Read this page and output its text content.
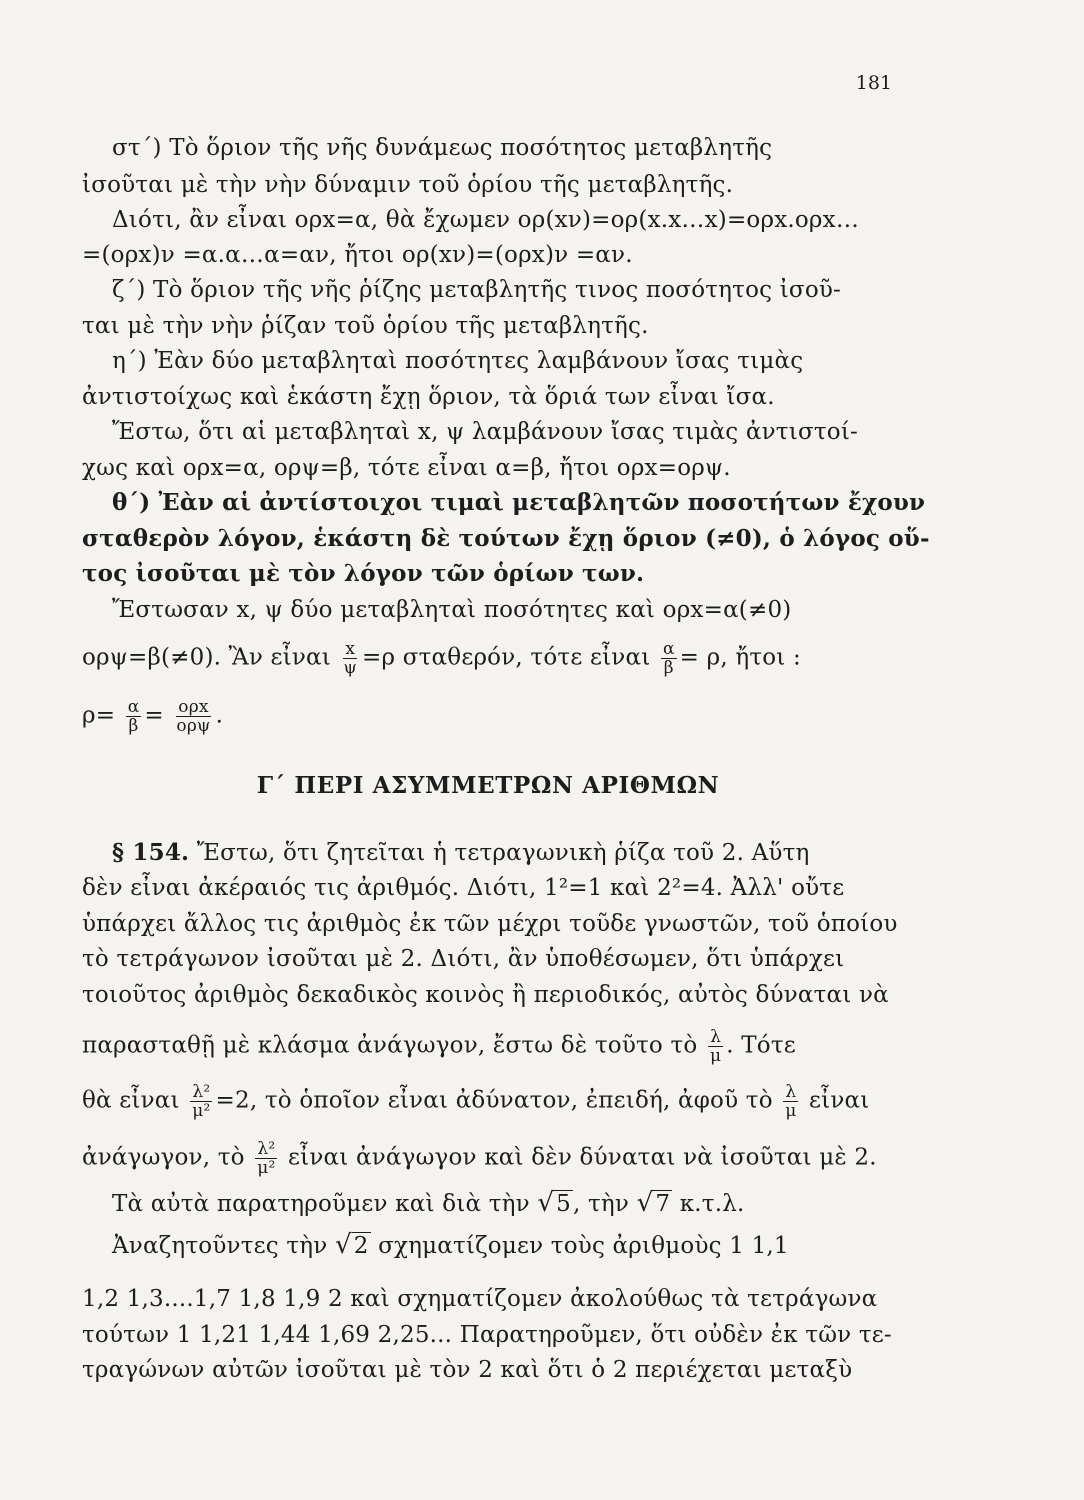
181
στ΄) Τὸ ὅριον τῆς νῆς δυνάμεως ποσότητος μεταβλητῆς
ἰσοῦται μὲ τὴν νὴν δύναμιν τοῦ ὁρίου τῆς μεταβλητῆς.
Διότι, ἂν εἶναι ορx=α, θὰ ἔχωμεν ορ(xν)=ορ(x.x…x)=ορx.ορx…
=(ορx)ν =α.α…α=αν, ἤτοι ορ(xν)=(ορx)ν =αν.
ζ΄) Τὸ ὅριον τῆς νῆς ῥίζης μεταβλητῆς τινος ποσότητος ἰσοῦ-
ται μὲ τὴν νὴν ῥίζαν τοῦ ὁρίου τῆς μεταβλητῆς.
η΄) Ἐὰν δύο μεταβληταὶ ποσότητες λαμβάνουν ἴσας τιμὰς
ἀντιστοίχως καὶ ἑκάστη ἔχῃ ὅριον, τὰ ὅριά των εἶναι ἴσα.
Ἔστω, ὅτι αἱ μεταβληταὶ x, ψ λαμβάνουν ἴσας τιμὰς ἀντιστοί-
χως καὶ ορx=α, ορψ=β, τότε εἶναι α=β, ἤτοι ορx=ορψ.
θ΄) Ἐὰν αἱ ἀντίστοιχοι τιμαὶ μεταβλητῶν ποσοτήτων ἔχουν
σταθερὸν λόγον, ἑκάστη δὲ τούτων ἔχῃ ὅριον (≠0), ὁ λόγος οὕ-
τος ἰσοῦται μὲ τὸν λόγον τῶν ὁρίων των.
Ἔστωσαν x, ψ δύο μεταβληταὶ ποσότητες καὶ ορx=α(≠0)
ορψ=β(≠0). Ἂν εἶναι $\frac{x}{\psi} =\rho$ σταθερόν, τότε εἶναι $\frac{\alpha}{\beta} = \rho$, ἤτοι :
$\rho= \frac{\alpha}{\beta} = \frac{\text{ορx}}{\text{ορψ}}$ .
Γ΄ ΠΕΡΙ ΑΣΥΜΜΕΤΡΩΝ ΑΡΙΘΜΩΝ
§ 154. Ἔστω, ὅτι ζητεῖται ἡ τετραγωνικὴ ῥίζα τοῦ 2. Αὕτη
δὲν εἶναι ἀκέραιός τις ἀριθμός. Διότι, 1²=1 καὶ 2²=4. Ἀλλ' οὔτε
ὑπάρχει ἄλλος τις ἀριθμὸς ἐκ τῶν μέχρι τοῦδε γνωστῶν, τοῦ ὁποίου
τὸ τετράγωνον ἰσοῦται μὲ 2. Διότι, ἂν ὑποθέσωμεν, ὅτι ὑπάρχει
τοιοῦτος ἀριθμὸς δεκαδικὸς κοινὸς ἢ περιοδικός, αὐτὸς δύναται νὰ
παρασταθῇ μὲ κλάσμα ἀνάγωγον, ἔστω δὲ τοῦτο τὸ $\frac{\lambda}{\mu}$ . Τότε
θὰ εἶναι $\frac{\text{λ²}}{\text{μ²}} =2$, τὸ ὁποῖον εἶναι ἀδύνατον, ἐπειδή, ἀφοῦ τὸ $\frac{\lambda}{\mu}$ εἶναι
ἀνάγωγον, τὸ $\frac{\text{λ²}}{\text{μ²}}$ εἶναι ἀνάγωγον καὶ δὲν δύναται νὰ ἰσοῦται μὲ 2.
Τὰ αὐτὰ παρατηροῦμεν καὶ διὰ τὴν √5, τὴν √7 κ.τ.λ.
Ἀναζητοῦντες τὴν √2 σχηματίζομεν τοὺς ἀριθμοὺς 1 1,1
1,2 1,3....1,7 1,8 1,9 2 καὶ σχηματίζομεν ἀκολούθως τὰ τετράγωνα
τούτων 1 1,21 1,44 1,69 2,25... Παρατηροῦμεν, ὅτι οὐδὲν ἐκ τῶν τε-
τραγώνων αὐτῶν ἰσοῦται μὲ τὸν 2 καὶ ὅτι ὁ 2 περιέχεται μεταξὺ
